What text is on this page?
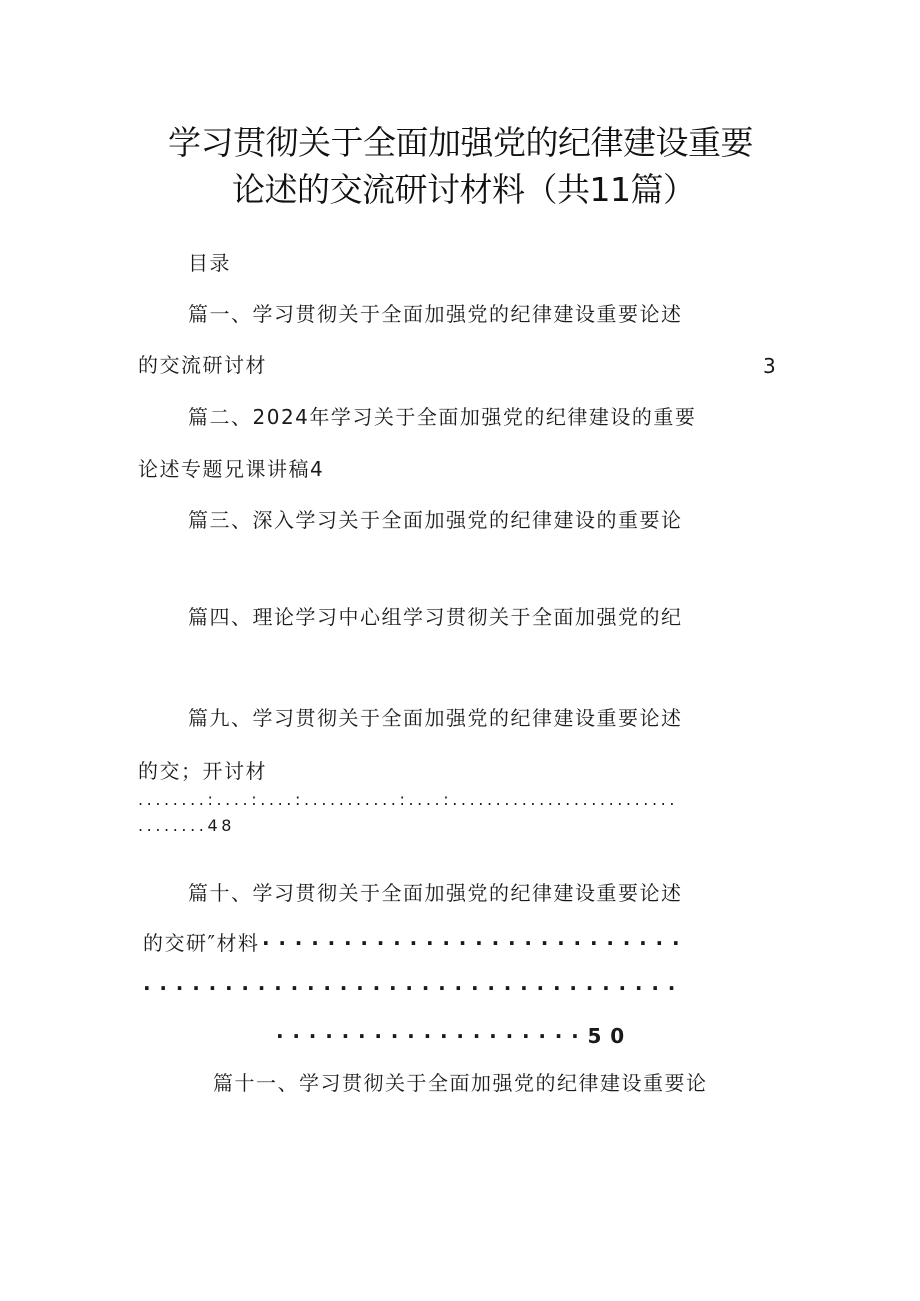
学习贯彻关于全面加强党的纪律建设重要
论述的交流研讨材料（共11篇）
目录
篇一、学习贯彻关于全面加强党的纪律建设重要论述
的交流研讨材	3
篇二、2024年学习关于全面加强党的纪律建设的重要
论述专题兄课讲稿4
篇三、深入学习关于全面加强党的纪律建设的重要论
篇四、理论学习中心组学习贯彻关于全面加强党的纪
篇九、学习贯彻关于全面加强党的纪律建设重要论述
的交；开讨材
........:....:....:...........:....:..........................
........48
篇十、学习贯彻关于全面加强党的纪律建设重要论述
的交研″材料 ··························
·································
···················50
篇十一、学习贯彻关于全面加强党的纪律建设重要论
